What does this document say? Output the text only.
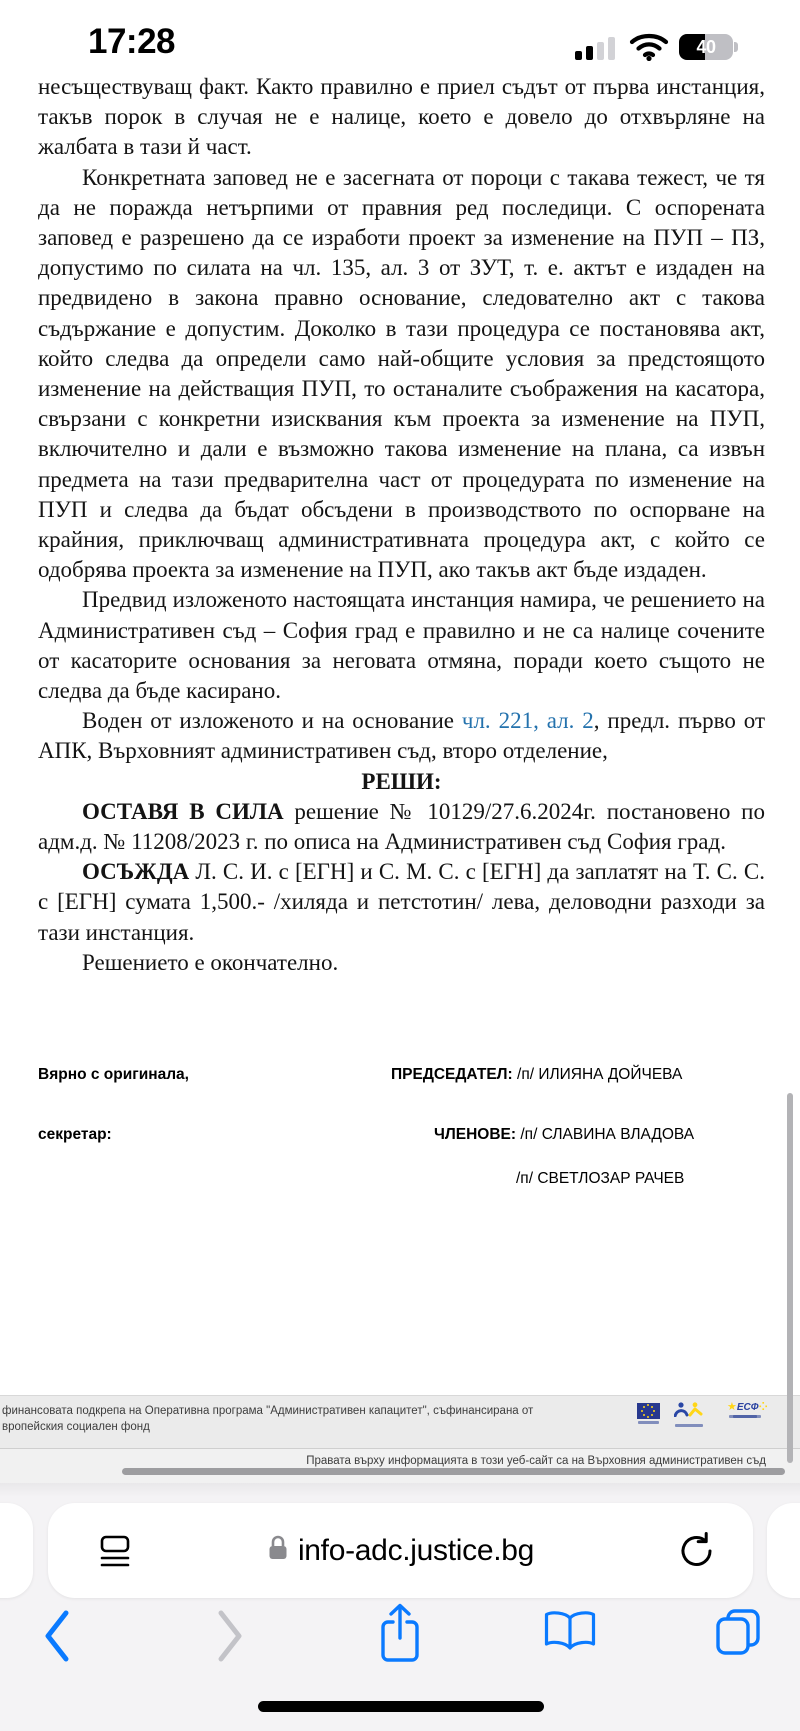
17:28	40

несъществуващ факт. Както правилно е приел съдът от първа инстанция, такъв порок в случая не е налице, което е довело до отхвърляне на жалбата в тази й част.

Конкретната заповед не е засегната от пороци с такава тежест, че тя да не поражда нетърпими от правния ред последици. С оспорената заповед е разрешено да се изработи проект за изменение на ПУП – ПЗ, допустимо по силата на чл. 135, ал. 3 от ЗУТ, т. е. актът е издаден на предвидено в закона правно основание, следователно акт с такова съдържание е допустим. Доколко в тази процедура се постановява акт, който следва да определи само най-общите условия за предстоящото изменение на действащия ПУП, то останалите съображения на касатора, свързани с конкретни изисквания към проекта за изменение на ПУП, включително и дали е възможно такова изменение на плана, са извън предмета на тази предварителна част от процедурата по изменение на ПУП и следва да бъдат обсъдени в производството по оспорване на крайния, приключващ административната процедура акт, с който се одобрява проекта за изменение на ПУП, ако такъв акт бъде издаден.

Предвид изложеното настоящата инстанция намира, че решението на Административен съд – София град е правилно и не са налице сочените от касаторите основания за неговата отмяна, поради което същото не следва да бъде касирано.

Воден от изложеното и на основание чл. 221, ал. 2, предл. първо от АПК, Върховният административен съд, второ отделение,

РЕШИ:

ОСТАВЯ В СИЛА решение № 10129/27.6.2024г. постановено по адм.д. № 11208/2023 г. по описа на Административен съд София град.

ОСЪЖДА Л. С. И. с [ЕГН] и С. М. С. с [ЕГН] да заплатят на Т. С. С. с [ЕГН] сумата 1,500.- /хиляда и петстотин/ лева, деловодни разходи за тази инстанция.

Решението е окончателно.

Вярно с оригинала,	ПРЕДСЕДАТЕЛ: /п/ ИЛИЯНА ДОЙЧЕВА
секретар:	ЧЛЕНОВЕ: /п/ СЛАВИНА ВЛАДОВА
/п/ СВЕТЛОЗАР РАЧЕВ
финансовата подкрепа на Оперативна програма "Административен капацитет", съфинансирана от
вропейския социален фонд
★ЕСФ⁘
Правата върху информацията в този уеб-сайт са на Върховния административен съд
info-adc.justice.bg
